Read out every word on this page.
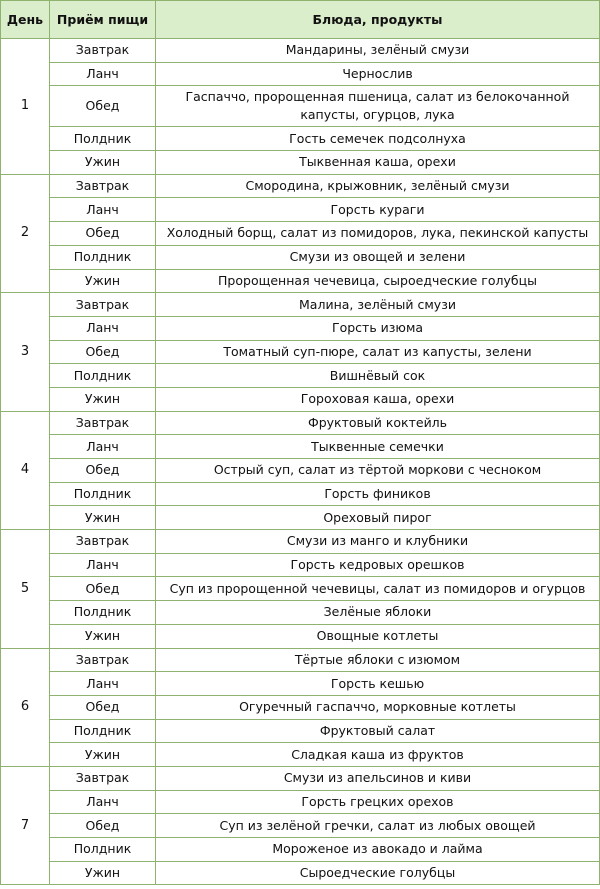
День	Приём пищи	Блюда, продукты
1	Завтрак	Мандарины, зелёный смузи
	Ланч	Чернослив
	Обед	Гаспаччо, пророщенная пшеница, салат из белокочанной капусты, огурцов, лука
	Полдник	Гость семечек подсолнуха
	Ужин	Тыквенная каша, орехи
2	Завтрак	Смородина, крыжовник, зелёный смузи
	Ланч	Горсть кураги
	Обед	Холодный борщ, салат из помидоров, лука, пекинской капусты
	Полдник	Смузи из овощей и зелени
	Ужин	Пророщенная чечевица, сыроедческие голубцы
3	Завтрак	Малина, зелёный смузи
	Ланч	Горсть изюма
	Обед	Томатный суп-пюре, салат из капусты, зелени
	Полдник	Вишнёвый сок
	Ужин	Гороховая каша, орехи
4	Завтрак	Фруктовый коктейль
	Ланч	Тыквенные семечки
	Обед	Острый суп, салат из тёртой моркови с чесноком
	Полдник	Горсть фиников
	Ужин	Ореховый пирог
5	Завтрак	Смузи из манго и клубники
	Ланч	Горсть кедровых орешков
	Обед	Суп из пророщенной чечевицы, салат из помидоров и огурцов
	Полдник	Зелёные яблоки
	Ужин	Овощные котлеты
6	Завтрак	Тёртые яблоки с изюмом
	Ланч	Горсть кешью
	Обед	Огуречный гаспаччо, морковные котлеты
	Полдник	Фруктовый салат
	Ужин	Сладкая каша из фруктов
7	Завтрак	Смузи из апельсинов и киви
	Ланч	Горсть грецких орехов
	Обед	Суп из зелёной гречки, салат из любых овощей
	Полдник	Мороженое из авокадо и лайма
	Ужин	Сыроедческие голубцы
